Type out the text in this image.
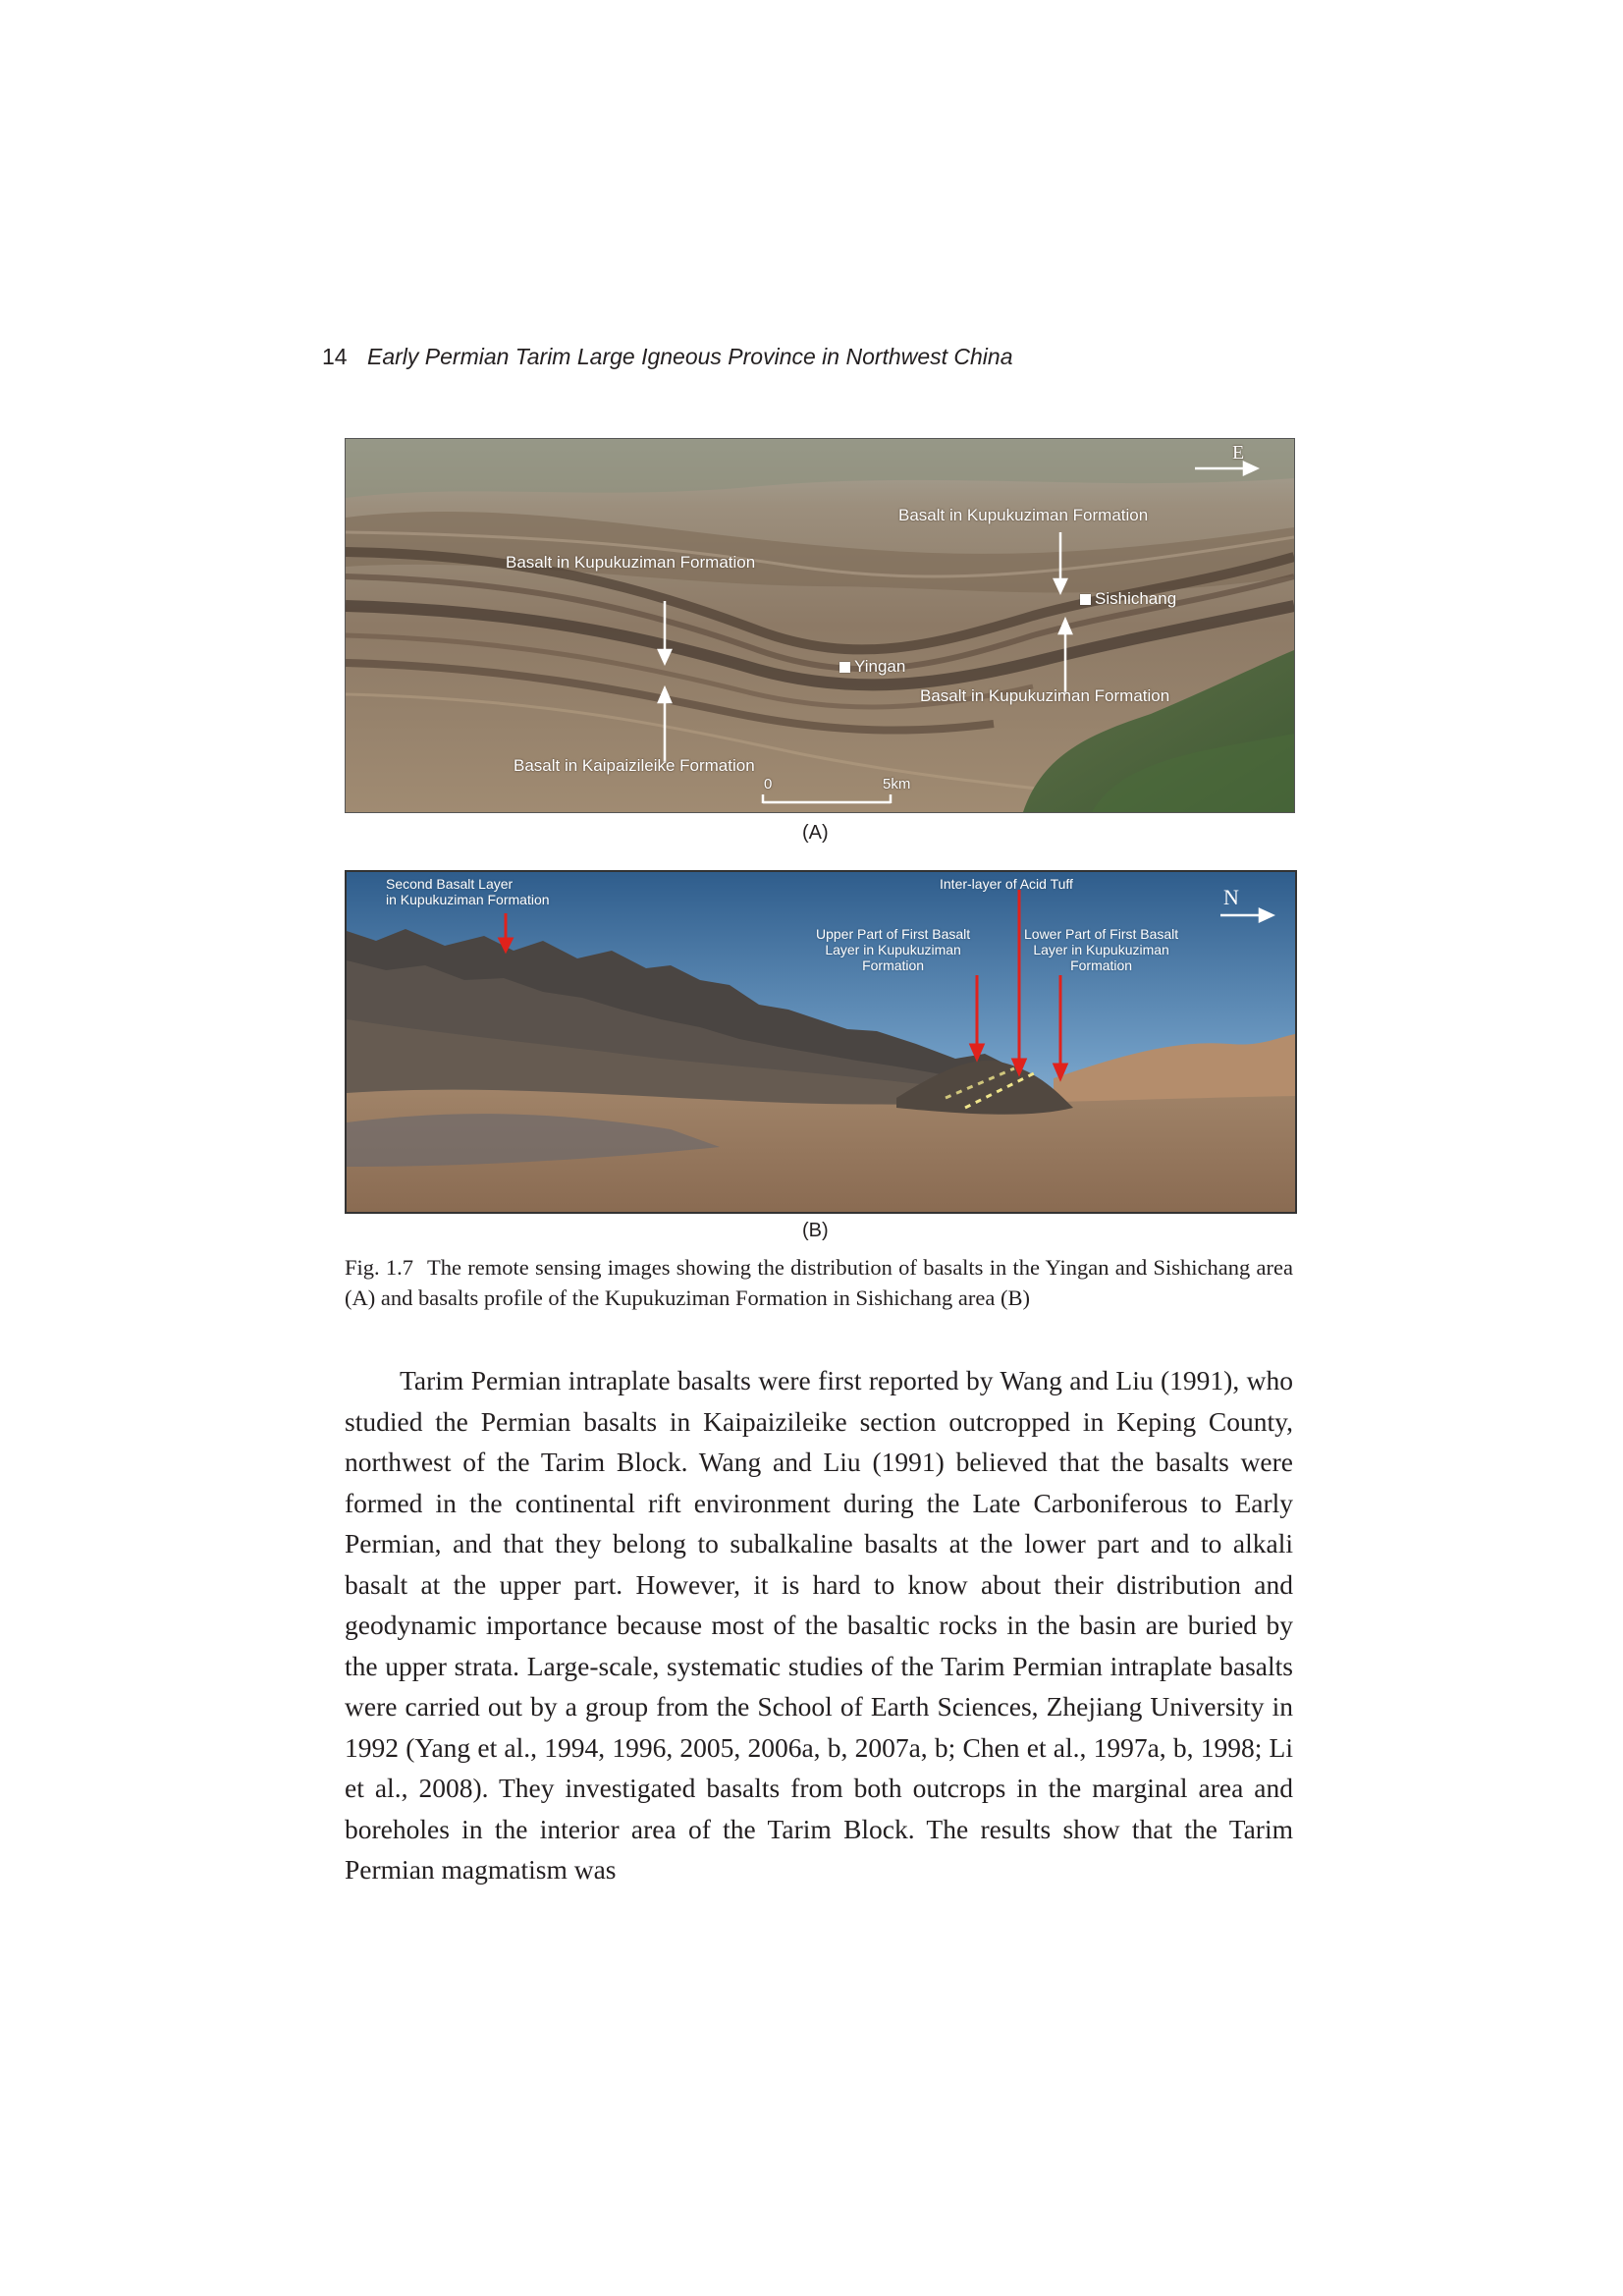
14 Early Permian Tarim Large Igneous Province in Northwest China
E
Basalt in Kupukuziman Formation
Basalt in Kupukuziman Formation
Sishichang
Yingan
Basalt in Kupukuziman Formation
Basalt in Kaipaizileike Formation
0	5km
(A)
N
Second Basalt Layer
in Kupukuziman Formation
Inter-layer of Acid Tuff
Upper Part of First Basalt
Layer in Kupukuziman
Formation
Lower Part of First Basalt
Layer in Kupukuziman
Formation
(B)
Fig. 1.7 The remote sensing images showing the distribution of basalts in the Yingan and Sishichang area (A) and basalts profile of the Kupukuziman Formation in Sishichang area (B)
Tarim Permian intraplate basalts were first reported by Wang and Liu (1991), who studied the Permian basalts in Kaipaizileike section outcropped in Keping County, northwest of the Tarim Block. Wang and Liu (1991) believed that the basalts were formed in the continental rift environment during the Late Carboniferous to Early Permian, and that they belong to subalkaline basalts at the lower part and to alkali basalt at the upper part. However, it is hard to know about their distribution and geodynamic importance because most of the basaltic rocks in the basin are buried by the upper strata. Large-scale, systematic studies of the Tarim Permian intraplate basalts were carried out by a group from the School of Earth Sciences, Zhejiang University in 1992 (Yang et al., 1994, 1996, 2005, 2006a, b, 2007a, b; Chen et al., 1997a, b, 1998; Li et al., 2008). They investigated basalts from both outcrops in the marginal area and boreholes in the interior area of the Tarim Block. The results show that the Tarim Permian magmatism was
